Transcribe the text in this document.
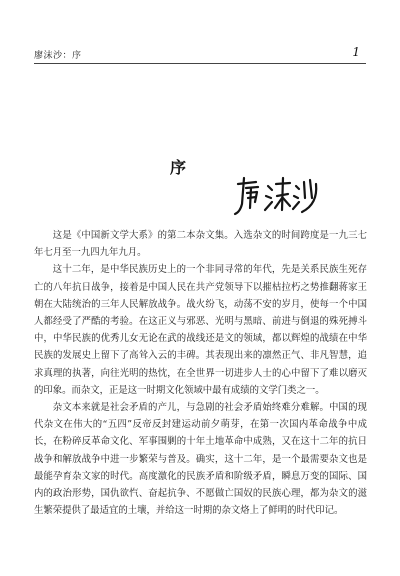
廖沫沙：序	1
序

这是《中国新文学大系》的第二本杂文集。入选杂文的时间跨度是一九三七年七月至一九四九年九月。

这十二年，是中华民族历史上的一个非同寻常的年代，先是关系民族生死存亡的八年抗日战争，接着是中国人民在共产党领导下以摧枯拉朽之势推翻蒋家王朝在大陆统治的三年人民解放战争。战火纷飞，动荡不安的岁月，使每一个中国人都经受了严酷的考验。在这正义与邪恶、光明与黑暗、前进与倒退的殊死搏斗中，中华民族的优秀儿女无论在武的战线还是文的领域，都以辉煌的战绩在中华民族的发展史上留下了高耸入云的丰碑。其表现出来的凛然正气、非凡智慧，追求真理的执著，向往光明的热忱，在全世界一切进步人士的心中留下了难以磨灭的印象。而杂文，正是这一时期文化领域中最有成绩的文学门类之一。

杂文本来就是社会矛盾的产儿，与急剧的社会矛盾始终难分难解。中国的现代杂文在伟大的“五四”反帝反封建运动前夕萌芽，在第一次国内革命战争中成长，在粉碎反革命文化、军事围剿的十年土地革命中成熟，又在这十二年的抗日战争和解放战争中进一步繁荣与普及。确实，这十二年，是一个最需要杂文也是最能孕育杂文家的时代。高度激化的民族矛盾和阶级矛盾，瞬息万变的国际、国内的政治形势，国仇欲忾、奋起抗争、不愿做亡国奴的民族心理，都为杂文的滋生繁荣提供了最适宜的土壤，并给这一时期的杂文烙上了鲜明的时代印记。
